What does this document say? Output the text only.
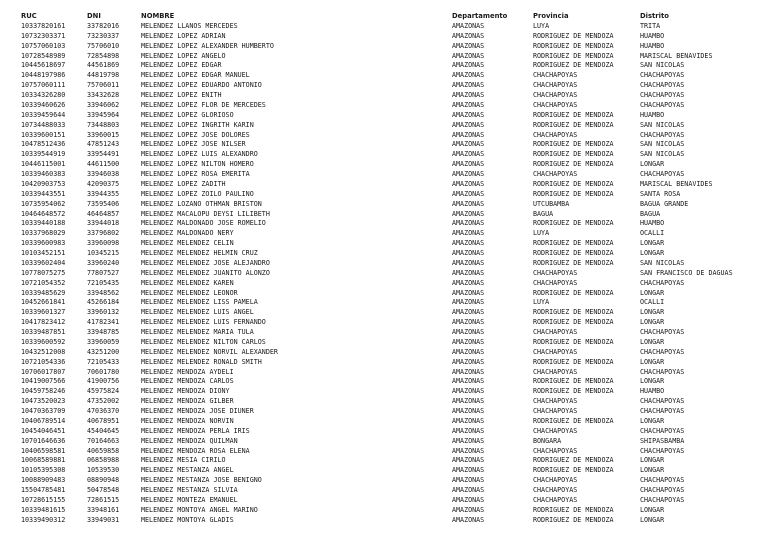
RUC	DNI	NOMBRE	Departamento	Provincia	Distrito
10337820161	33782016	MELENDEZ LLANOS MERCEDES	AMAZONAS	LUYA	TRITA
10732303371	73230337	MELENDEZ LOPEZ ADRIAN	AMAZONAS	RODRIGUEZ DE MENDOZA	HUAMBO
10757060103	75706010	MELENDEZ LOPEZ ALEXANDER HUMBERTO	AMAZONAS	RODRIGUEZ DE MENDOZA	HUAMBO
10728548989	72854898	MELENDEZ LOPEZ ANGELO	AMAZONAS	RODRIGUEZ DE MENDOZA	MARISCAL BENAVIDES
10445618697	44561869	MELENDEZ LOPEZ EDGAR	AMAZONAS	RODRIGUEZ DE MENDOZA	SAN NICOLAS
10448197986	44819798	MELENDEZ LOPEZ EDGAR MANUEL	AMAZONAS	CHACHAPOYAS	CHACHAPOYAS
10757060111	75706011	MELENDEZ LOPEZ EDUARDO ANTONIO	AMAZONAS	CHACHAPOYAS	CHACHAPOYAS
10334326280	33432628	MELENDEZ LOPEZ ENITH	AMAZONAS	CHACHAPOYAS	CHACHAPOYAS
10339460626	33946062	MELENDEZ LOPEZ FLOR DE MERCEDES	AMAZONAS	CHACHAPOYAS	CHACHAPOYAS
10339459644	33945964	MELENDEZ LOPEZ GLORIOSO	AMAZONAS	RODRIGUEZ DE MENDOZA	HUAMBO
10734488033	73448803	MELENDEZ LOPEZ INGRITH KARIN	AMAZONAS	RODRIGUEZ DE MENDOZA	SAN NICOLAS
10339600151	33960015	MELENDEZ LOPEZ JOSE DOLORES	AMAZONAS	CHACHAPOYAS	CHACHAPOYAS
10478512436	47851243	MELENDEZ LOPEZ JOSE NILSER	AMAZONAS	RODRIGUEZ DE MENDOZA	SAN NICOLAS
10339544919	33954491	MELENDEZ LOPEZ LUIS ALEXANDRO	AMAZONAS	RODRIGUEZ DE MENDOZA	SAN NICOLAS
10446115001	44611500	MELENDEZ LOPEZ NILTON HOMERO	AMAZONAS	RODRIGUEZ DE MENDOZA	LONGAR
10339460383	33946038	MELENDEZ LOPEZ ROSA EMERITA	AMAZONAS	CHACHAPOYAS	CHACHAPOYAS
10420903753	42090375	MELENDEZ LOPEZ ZADITH	AMAZONAS	RODRIGUEZ DE MENDOZA	MARISCAL BENAVIDES
10339443551	33944355	MELENDEZ LOPEZ ZOILO PAULINO	AMAZONAS	RODRIGUEZ DE MENDOZA	SANTA ROSA
10735954062	73595406	MELENDEZ LOZANO OTHMAN BRISTON	AMAZONAS	UTCUBAMBA	BAGUA GRANDE
10464648572	46464857	MELENDEZ MACALOPU DEYSI LILIBETH	AMAZONAS	BAGUA	BAGUA
10339440188	33944018	MELENDEZ MALDONADO JOSE ROMELIO	AMAZONAS	RODRIGUEZ DE MENDOZA	HUAMBO
10337968029	33796802	MELENDEZ MALDONADO NERY	AMAZONAS	LUYA	OCALLI
10339600983	33960098	MELENDEZ MELENDEZ CELIN	AMAZONAS	RODRIGUEZ DE MENDOZA	LONGAR
10103452151	10345215	MELENDEZ MELENDEZ HELMIN CRUZ	AMAZONAS	RODRIGUEZ DE MENDOZA	LONGAR
10339602404	33960240	MELENDEZ MELENDEZ JOSE ALEJANDRO	AMAZONAS	RODRIGUEZ DE MENDOZA	SAN NICOLAS
10778075275	77807527	MELENDEZ MELENDEZ JUANITO ALONZO	AMAZONAS	CHACHAPOYAS	SAN FRANCISCO DE DAGUAS
10721054352	72105435	MELENDEZ MELENDEZ KAREN	AMAZONAS	CHACHAPOYAS	CHACHAPOYAS
10339485629	33948562	MELENDEZ MELENDEZ LEONOR	AMAZONAS	RODRIGUEZ DE MENDOZA	LONGAR
10452661841	45266184	MELENDEZ MELENDEZ LISS PAMELA	AMAZONAS	LUYA	OCALLI
10339601327	33960132	MELENDEZ MELENDEZ LUIS ANGEL	AMAZONAS	RODRIGUEZ DE MENDOZA	LONGAR
10417823412	41782341	MELENDEZ MELENDEZ LUIS FERNANDO	AMAZONAS	RODRIGUEZ DE MENDOZA	LONGAR
10339487851	33948785	MELENDEZ MELENDEZ MARIA TULA	AMAZONAS	CHACHAPOYAS	CHACHAPOYAS
10339600592	33960059	MELENDEZ MELENDEZ NILTON CARLOS	AMAZONAS	RODRIGUEZ DE MENDOZA	LONGAR
10432512008	43251200	MELENDEZ MELENDEZ NORVIL ALEXANDER	AMAZONAS	CHACHAPOYAS	CHACHAPOYAS
10721054336	72105433	MELENDEZ MELENDEZ RONALD SMITH	AMAZONAS	RODRIGUEZ DE MENDOZA	LONGAR
10706017807	70601780	MELENDEZ MENDOZA AYDELI	AMAZONAS	CHACHAPOYAS	CHACHAPOYAS
10419007566	41900756	MELENDEZ MENDOZA CARLOS	AMAZONAS	RODRIGUEZ DE MENDOZA	LONGAR
10459758246	45975824	MELENDEZ MENDOZA DIONY	AMAZONAS	RODRIGUEZ DE MENDOZA	HUAMBO
10473520023	47352002	MELENDEZ MENDOZA GILBER	AMAZONAS	CHACHAPOYAS	CHACHAPOYAS
10470363709	47036370	MELENDEZ MENDOZA JOSE DIUNER	AMAZONAS	CHACHAPOYAS	CHACHAPOYAS
10406789514	40678951	MELENDEZ MENDOZA NORVIN	AMAZONAS	RODRIGUEZ DE MENDOZA	LONGAR
10454046451	45404645	MELENDEZ MENDOZA PERLA IRIS	AMAZONAS	CHACHAPOYAS	CHACHAPOYAS
10701646636	70164663	MELENDEZ MENDOZA QUILMAN	AMAZONAS	BONGARA	SHIPASBAMBA
10406598581	40659858	MELENDEZ MENDOZA ROSA ELENA	AMAZONAS	CHACHAPOYAS	CHACHAPOYAS
10068589881	06858988	MELENDEZ MESIA CIRILO	AMAZONAS	RODRIGUEZ DE MENDOZA	LONGAR
10105395308	10539530	MELENDEZ MESTANZA ANGEL	AMAZONAS	RODRIGUEZ DE MENDOZA	LONGAR
10088909483	08890948	MELENDEZ MESTANZA JOSE BENIGNO	AMAZONAS	CHACHAPOYAS	CHACHAPOYAS
15504785481	50478548	MELENDEZ MESTANZA SILVIA	AMAZONAS	CHACHAPOYAS	CHACHAPOYAS
10728615155	72861515	MELENDEZ MONTEZA EMANUEL	AMAZONAS	CHACHAPOYAS	CHACHAPOYAS
10339481615	33948161	MELENDEZ MONTOYA ANGEL MARINO	AMAZONAS	RODRIGUEZ DE MENDOZA	LONGAR
10339490312	33949031	MELENDEZ MONTOYA GLADIS	AMAZONAS	RODRIGUEZ DE MENDOZA	LONGAR
